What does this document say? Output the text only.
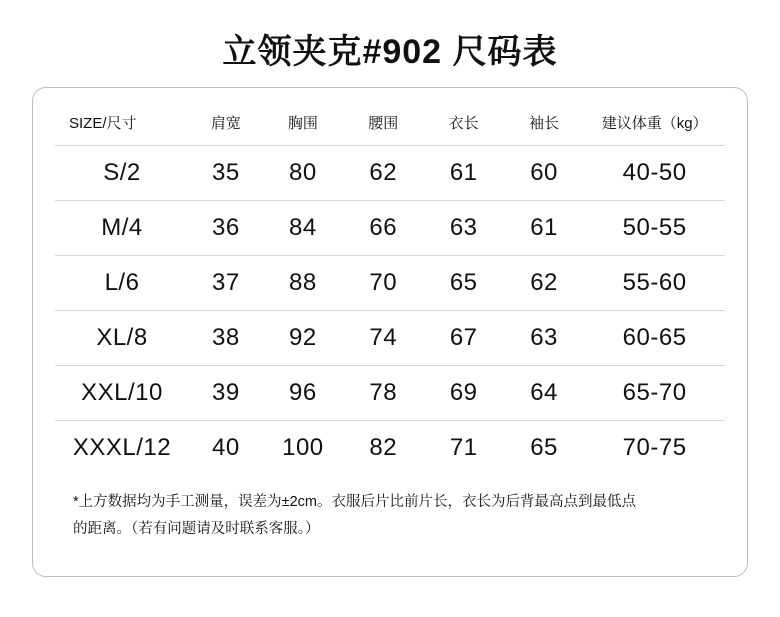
立领夹克#902 尺码表
SIZE/尺寸	肩宽	胸围	腰围	衣长	袖长	建议体重（kg）
S/2	35	80	62	61	60	40-50
M/4	36	84	66	63	61	50-55
L/6	37	88	70	65	62	55-60
XL/8	38	92	74	67	63	60-65
XXL/10	39	96	78	69	64	65-70
XXXL/12	40	100	82	71	65	70-75
*上方数据均为手工测量，误差为±2cm。衣服后片比前片长，衣长为后背最高点到最低点
的距离。（若有问题请及时联系客服。）
